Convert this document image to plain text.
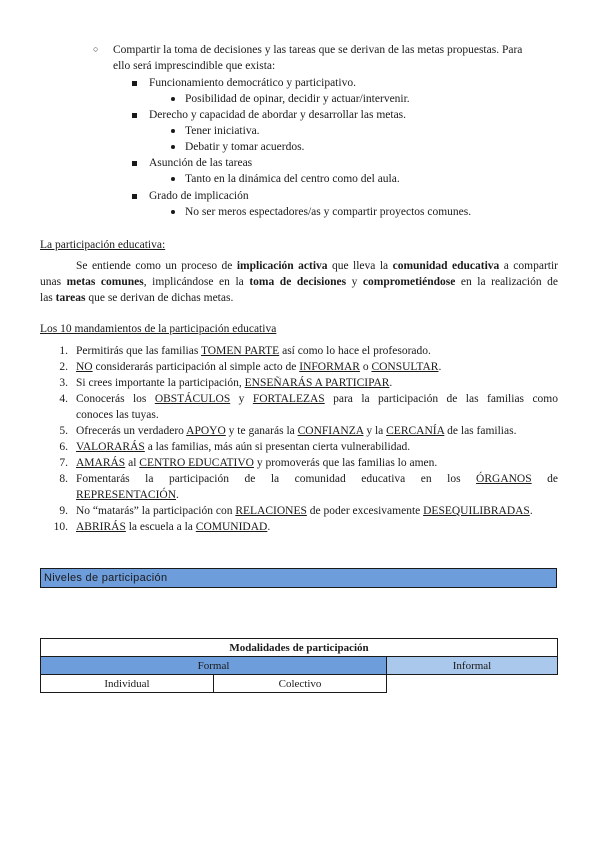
○ Compartir la toma de decisiones y las tareas que se derivan de las metas propuestas. Para
ello será imprescindible que exista:
Funcionamiento democrático y participativo.
Posibilidad de opinar, decidir y actuar/intervenir.
Derecho y capacidad de abordar y desarrollar las metas.
Tener iniciativa.
Debatir y tomar acuerdos.
Asunción de las tareas
Tanto en la dinámica del centro como del aula.
Grado de implicación
No ser meros espectadores/as y compartir proyectos comunes.
La participación educativa:
Se entiende como un proceso de implicación activa que lleva la comunidad educativa a compartir
unas metas comunes, implicándose en la toma de decisiones y comprometiéndose en la realización de
las tareas que se derivan de dichas metas.
Los 10 mandamientos de la participación educativa
1. Permitirás que las familias TOMEN PARTE así como lo hace el profesorado.
2. NO considerarás participación al simple acto de INFORMAR o CONSULTAR.
3. Si crees importante la participación, ENSEÑARÁS A PARTICIPAR.
4. Conocerás los OBSTÁCULOS y FORTALEZAS para la participación de las familias como
conoces las tuyas.
5. Ofrecerás un verdadero APOYO y te ganarás la CONFIANZA y la CERCANÍA de las familias.
6. VALORARÁS a las familias, más aún si presentan cierta vulnerabilidad.
7. AMARÁS al CENTRO EDUCATIVO y promoverás que las familias lo amen.
8. Fomentarás la participación de la comunidad educativa en los ÓRGANOS de
REPRESENTACIÓN.
9. No “matarás” la participación con RELACIONES de poder excesivamente DESEQUILIBRADAS.
10. ABRIRÁS la escuela a la COMUNIDAD.
Niveles de participación
Modalidades de participación		
Formal		Informal
Individual	Colectivo	
